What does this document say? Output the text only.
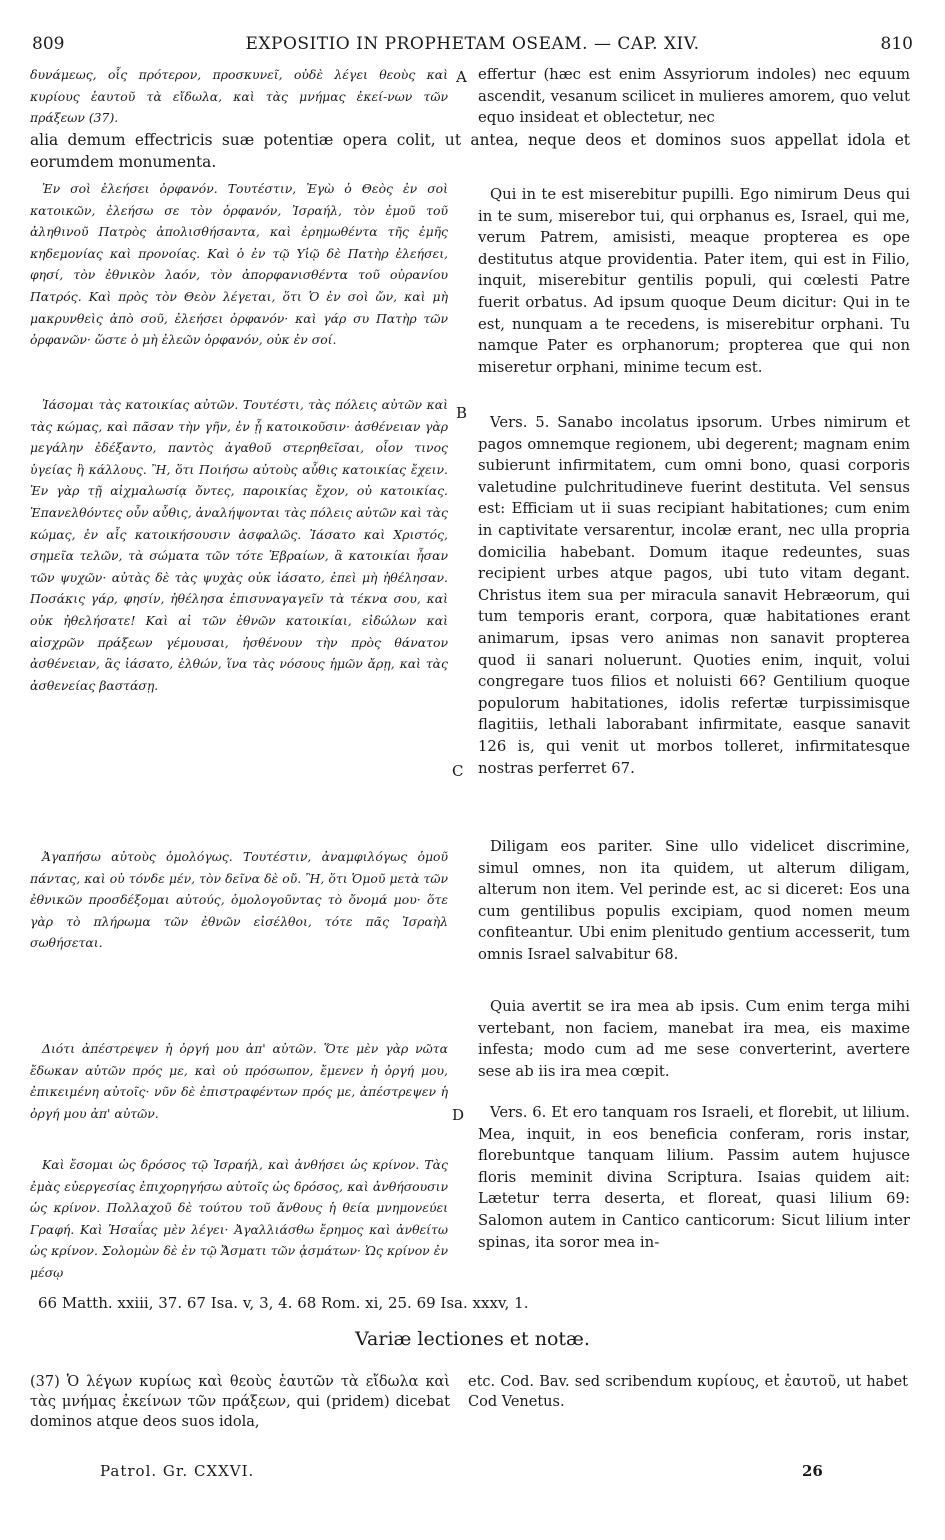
809	EXPOSITIO IN PROPHETAM OSEAM. — CAP. XIV.	810

δυνάμεως, οἷς πρότερον, προσκυνεῖ, οὐδὲ λέγει θεοὺς καὶ κυρίους ἑαυτοῦ τὰ εἴδωλα, καὶ τὰς μνήμας ἐκεί-νων τῶν πράξεων (37).

A effertur (hæc est enim Assyriorum indoles) nec equum ascendit, vesanum scilicet in mulieres amorem, quo velut equo insideat et oblectetur, nec

alia demum effectricis suæ potentiæ opera colit, ut antea, neque deos et dominos suos appellat idola et eorumdem monumenta.

Ἐν σοὶ ἐλεήσει ὀρφανόν. Τουτέστιν, Ἐγὼ ὁ Θεὸς ἐν σοὶ κατοικῶν, ἐλεήσω σε τὸν ὀρφανόν, Ἰσραήλ, τὸν ἐμοῦ τοῦ ἀληθινοῦ Πατρὸς ἀπολισθήσαντα, καὶ ἐρημωθέντα τῆς ἐμῆς κηδεμονίας καὶ προνοίας. Καὶ ὁ ἐν τῷ Υἱῷ δὲ Πατὴρ ἐλεήσει, φησί, τὸν ἐθνικὸν λαόν, τὸν ἀπορφανισθέντα τοῦ οὐρανίου Πατρός. Καὶ πρὸς τὸν Θεὸν λέγεται, ὅτι Ὁ ἐν σοὶ ὤν, καὶ μὴ μακρυνθεὶς ἀπὸ σοῦ, ἐλεήσει ὀρφανόν· καὶ γάρ συ Πατὴρ τῶν ὀρφανῶν· ὥστε ὁ μὴ ἐλεῶν ὀρφανόν, οὐκ ἐν σοί.

Ἰάσομαι τὰς κατοικίας αὐτῶν. Τουτέστι, τὰς πόλεις αὐτῶν καὶ τὰς κώμας, καὶ πᾶσαν τὴν γῆν, ἐν ᾗ κατοικοῦσιν· ἀσθένειαν γὰρ μεγάλην ἐδέξαντο, παντὸς ἀγαθοῦ στερηθεῖσαι, οἷον τινος ὑγείας ἢ κάλλους. Ἢ, ὅτι Ποιήσω αὐτοὺς αὖθις κατοικίας ἔχειν. Ἐν γὰρ τῇ αἰχμαλωσίᾳ ὄντες, παροικίας ἔχον, οὐ κατοικίας. Ἐπανελθόντες οὖν αὖθις, ἀναλήψονται τὰς πόλεις αὐτῶν καὶ τὰς κώμας, ἐν αἷς κατοικήσουσιν ἀσφαλῶς. Ἰάσατο καὶ Χριστός, σημεῖα τελῶν, τὰ σώματα τῶν τότε Ἑβραίων, ἃ κατοικίαι ἦσαν τῶν ψυχῶν· αὐτὰς δὲ τὰς ψυχὰς οὐκ ἰάσατο, ἐπεὶ μὴ ἠθέλησαν. Ποσάκις γάρ, φησίν, ἠθέλησα ἐπισυναγαγεῖν τὰ τέκνα σου, καὶ οὐκ ἠθελήσατε! Καὶ αἱ τῶν ἐθνῶν κατοικίαι, εἰδώλων καὶ αἰσχρῶν πράξεων γέμουσαι, ἠσθένουν τὴν πρὸς θάνατον ἀσθένειαν, ἃς ἰάσατο, ἐλθών, ἵνα τὰς νόσους ἡμῶν ἄρῃ, καὶ τὰς ἀσθενείας βαστάσῃ.

Ἀγαπήσω αὐτοὺς ὁμολόγως. Τουτέστιν, ἀναμφιλόγως ὁμοῦ πάντας, καὶ οὐ τόνδε μέν, τὸν δεῖνα δὲ οὔ. Ἢ, ὅτι Ὁμοῦ μετὰ τῶν ἐθνικῶν προσδέξομαι αὐτούς, ὁμολογοῦντας τὸ ὄνομά μου· ὅτε γὰρ τὸ πλήρωμα τῶν ἐθνῶν εἰσέλθοι, τότε πᾶς Ἰσραὴλ σωθήσεται.

Διότι ἀπέστρεψεν ἡ ὀργή μου ἀπ' αὐτῶν. Ὅτε μὲν γὰρ νῶτα ἔδωκαν αὐτῶν πρός με, καὶ οὐ πρόσωπον, ἔμενεν ἡ ὀργή μου, ἐπικειμένη αὐτοῖς· νῦν δὲ ἐπιστραφέντων πρός με, ἀπέστρεψεν ἡ ὀργή μου ἀπ' αὐτῶν.

Καὶ ἔσομαι ὡς δρόσος τῷ Ἰσραήλ, καὶ ἀνθήσει ὡς κρίνον. Τὰς ἐμὰς εὐεργεσίας ἐπιχορηγήσω αὐτοῖς ὡς δρόσος, καὶ ἀνθήσουσιν ὡς κρίνον. Πολλαχοῦ δὲ τούτου τοῦ ἄνθους ἡ θεία μνημονεύει Γραφή. Καὶ Ἡσαΐας μὲν λέγει· Ἀγαλλιάσθω ἔρημος καὶ ἀνθείτω ὡς κρίνον. Σολομὼν δὲ ἐν τῷ Ἄσματι τῶν ᾀσμάτων· Ὡς κρίνον ἐν μέσῳ

B
C
D

Qui in te est miserebitur pupilli. Ego nimirum Deus qui in te sum, miserebor tui, qui orphanus es, Israel, qui me, verum Patrem, amisisti, meaque propterea es ope destitutus atque providentia. Pater item, qui est in Filio, inquit, miserebitur gentilis populi, qui cœlesti Patre fuerit orbatus. Ad ipsum quoque Deum dicitur: Qui in te est, nunquam a te recedens, is miserebitur orphani. Tu namque Pater es orphanorum; propterea que qui non miseretur orphani, minime tecum est.

Vers. 5. Sanabo incolatus ipsorum. Urbes nimirum et pagos omnemque regionem, ubi degerent; magnam enim subierunt infirmitatem, cum omni bono, quasi corporis valetudine pulchritudineve fuerint destituta. Vel sensus est: Efficiam ut ii suas recipiant habitationes; cum enim in captivitate versarentur, incolæ erant, nec ulla propria domicilia habebant. Domum itaque redeuntes, suas recipient urbes atque pagos, ubi tuto vitam degant. Christus item sua per miracula sanavit Hebræorum, qui tum temporis erant, corpora, quæ habitationes erant animarum, ipsas vero animas non sanavit propterea quod ii sanari noluerunt. Quoties enim, inquit, volui congregare tuos filios et noluisti 66? Gentilium quoque populorum habitationes, idolis refertæ turpissimisque flagitiis, lethali laborabant infirmitate, easque sanavit 126 is, qui venit ut morbos tolleret, infirmitatesque nostras perferret 67.

Diligam eos pariter. Sine ullo videlicet discrimine, simul omnes, non ita quidem, ut alterum diligam, alterum non item. Vel perinde est, ac si diceret: Eos una cum gentilibus populis excipiam, quod nomen meum confiteantur. Ubi enim plenitudo gentium accesserit, tum omnis Israel salvabitur 68.

Quia avertit se ira mea ab ipsis. Cum enim terga mihi vertebant, non faciem, manebat ira mea, eis maxime infesta; modo cum ad me sese converterint, avertere sese ab iis ira mea cœpit.

Vers. 6. Et ero tanquam ros Israeli, et florebit, ut lilium. Mea, inquit, in eos beneficia conferam, roris instar, florebuntque tanquam lilium. Passim autem hujusce floris meminit divina Scriptura. Isaias quidem ait: Lætetur terra deserta, et floreat, quasi lilium 69: Salomon autem in Cantico canticorum: Sicut lilium inter spinas, ita soror mea in-

66 Matth. xxiii, 37. 67 Isa. v, 3, 4. 68 Rom. xi, 25. 69 Isa. xxxv, 1.
Variæ lectiones et notæ.

(37) Ὁ λέγων κυρίως καὶ θεοὺς ἑαυτῶν τὰ εἴδωλα καὶ τὰς μνήμας ἐκείνων τῶν πράξεων, qui (pridem) dicebat dominos atque deos suos idola,

etc. Cod. Bav. sed scribendum κυρίους, et ἑαυτοῦ, ut habet Cod Venetus.

Patrol. Gr. CXXVI.	26
